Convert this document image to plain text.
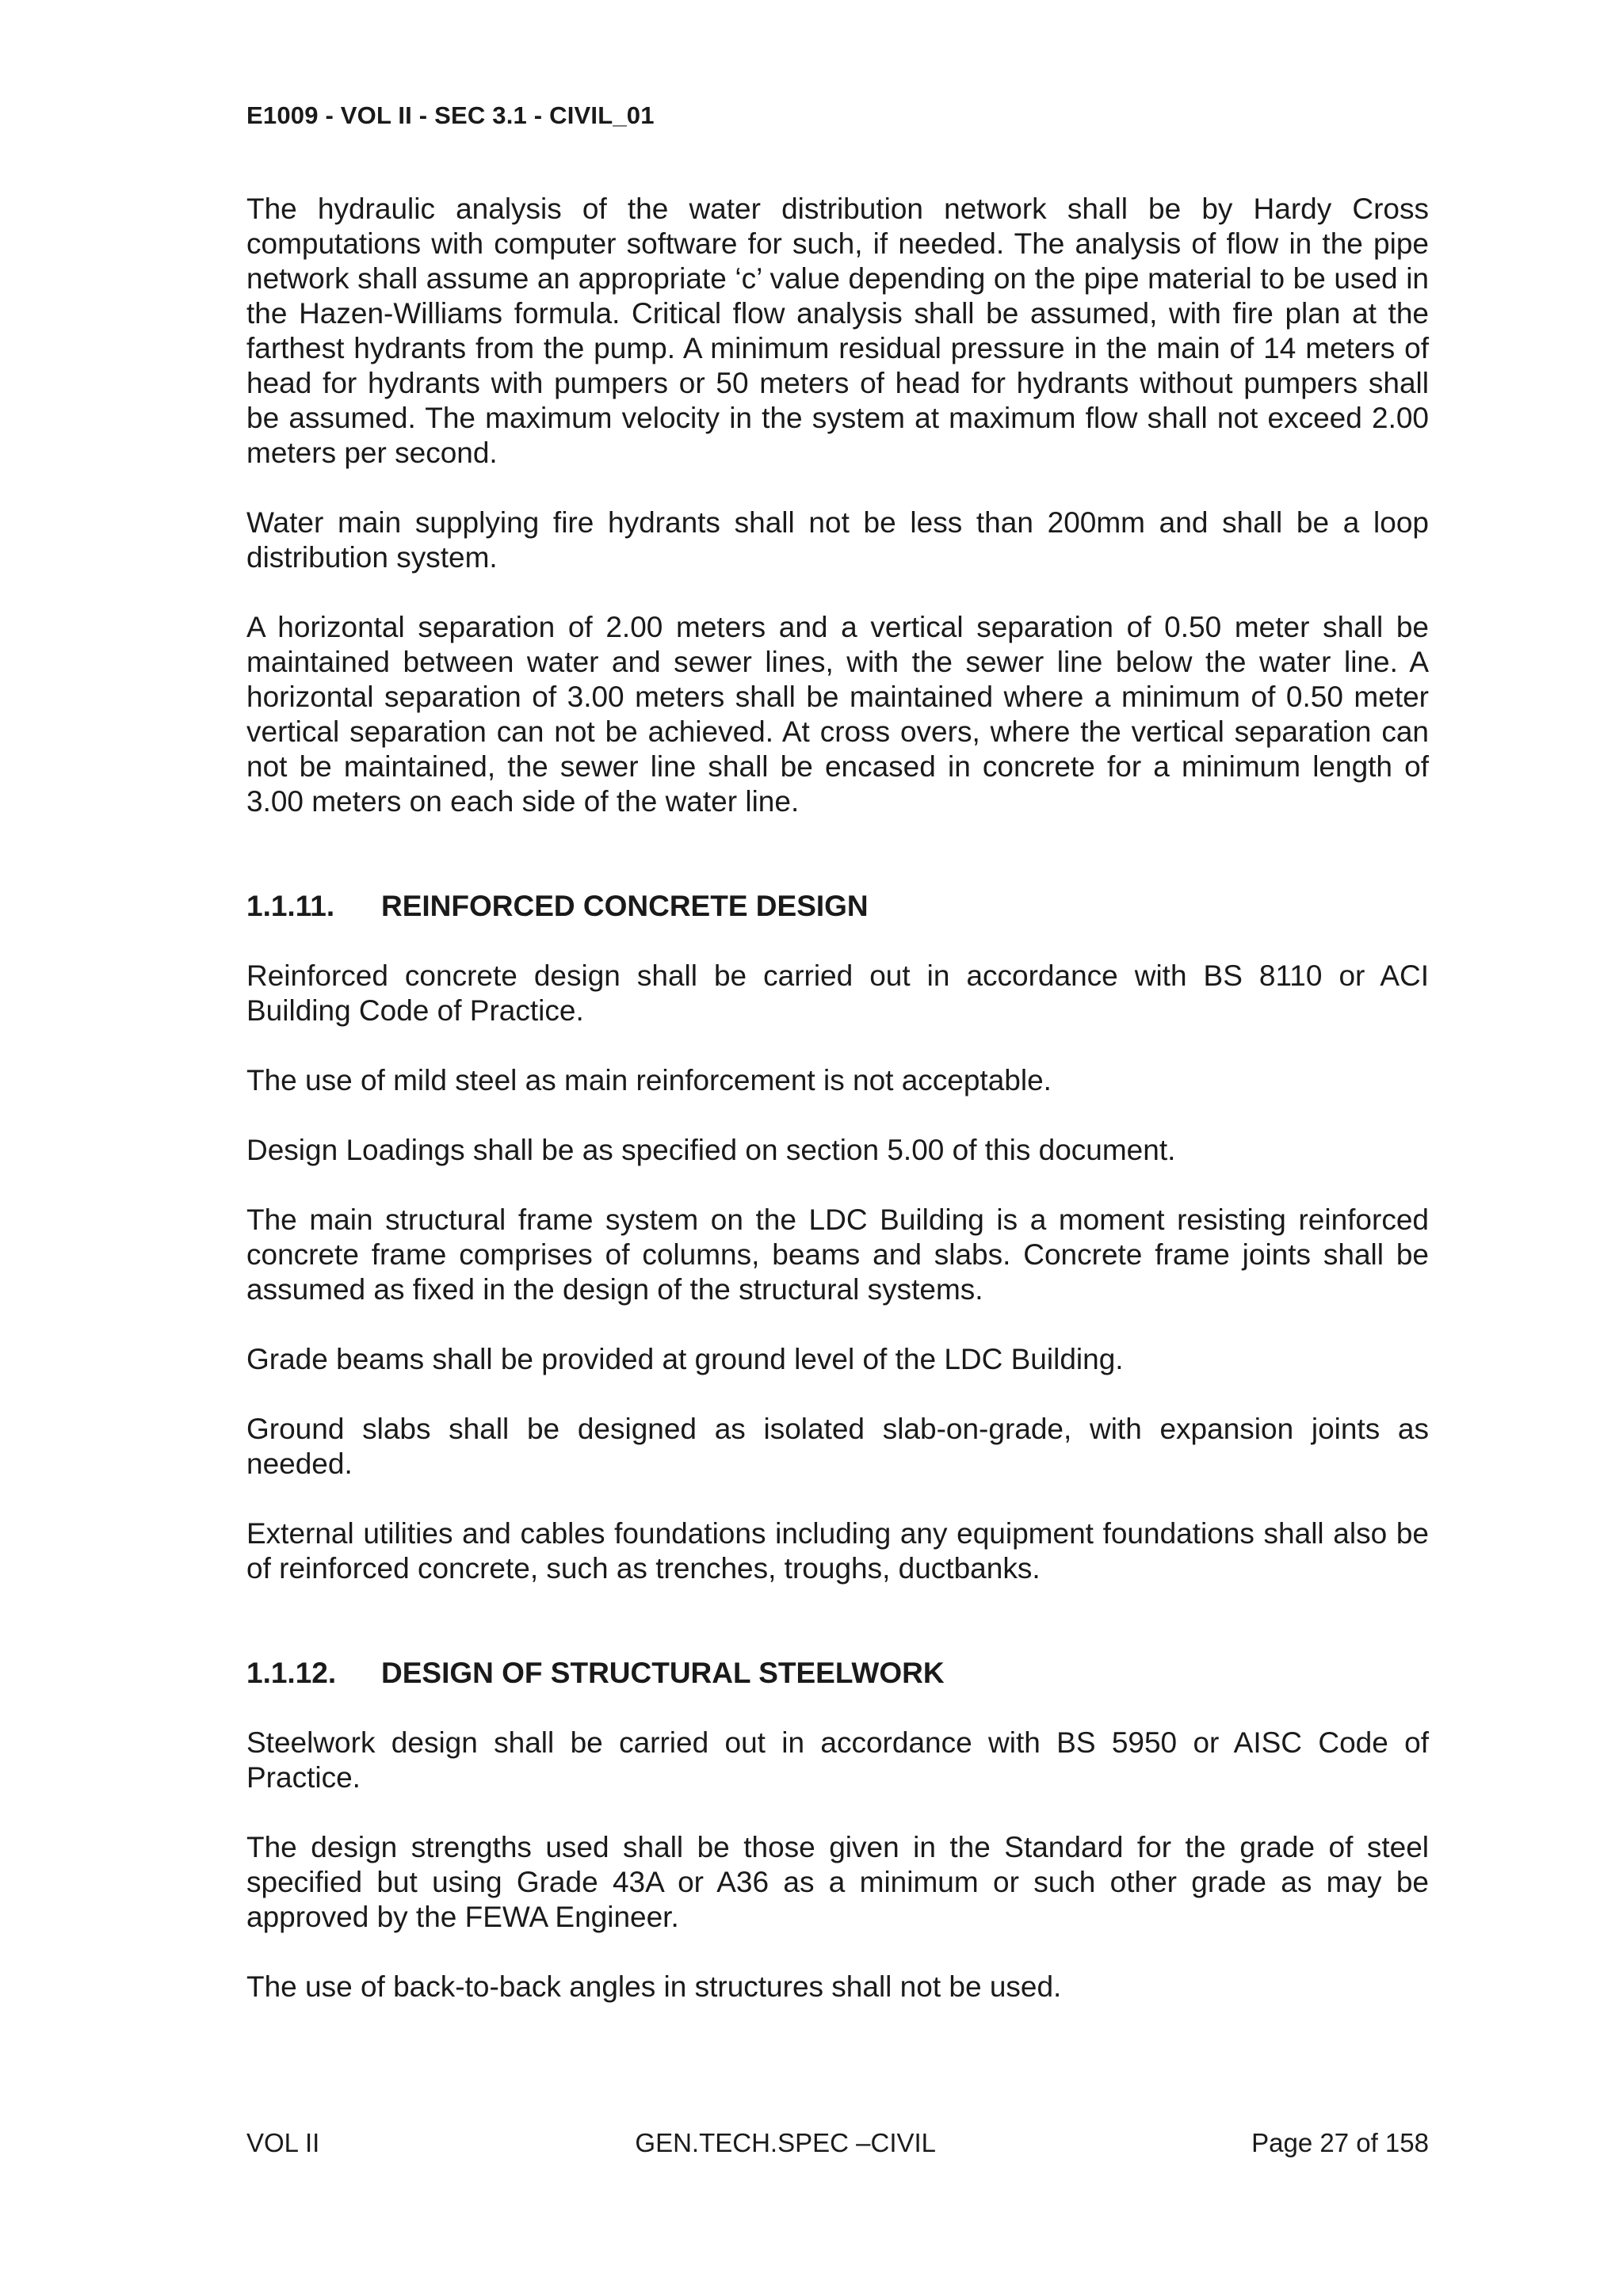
E1009 - VOL II - SEC 3.1 - CIVIL_01

The hydraulic analysis of the water distribution network shall be by Hardy Cross computations with computer software for such, if needed. The analysis of flow in the pipe network shall assume an appropriate ‘c’ value depending on the pipe material to be used in the Hazen-Williams formula. Critical flow analysis shall be assumed, with fire plan at the farthest hydrants from the pump. A minimum residual pressure in the main of 14 meters of head for hydrants with pumpers or 50 meters of head for hydrants without pumpers shall be assumed. The maximum velocity in the system at maximum flow shall not exceed 2.00 meters per second.

Water main supplying fire hydrants shall not be less than 200mm and shall be a loop distribution system.

A horizontal separation of 2.00 meters and a vertical separation of 0.50 meter shall be maintained between water and sewer lines, with the sewer line below the water line. A horizontal separation of 3.00 meters shall be maintained where a minimum of 0.50 meter vertical separation can not be achieved. At cross overs, where the vertical separation can not be maintained, the sewer line shall be encased in concrete for a minimum length of 3.00 meters on each side of the water line.

1.1.11.	REINFORCED CONCRETE DESIGN

Reinforced concrete design shall be carried out in accordance with BS 8110 or ACI Building Code of Practice.

The use of mild steel as main reinforcement is not acceptable.

Design Loadings shall be as specified on section 5.00 of this document.

The main structural frame system on the LDC Building is a moment resisting reinforced concrete frame comprises of columns, beams and slabs. Concrete frame joints shall be assumed as fixed in the design of the structural systems.

Grade beams shall be provided at ground level of the LDC Building.

Ground slabs shall be designed as isolated slab-on-grade, with expansion joints as needed.

External utilities and cables foundations including any equipment foundations shall also be of reinforced concrete, such as trenches, troughs, ductbanks.

1.1.12.	DESIGN OF STRUCTURAL STEELWORK

Steelwork design shall be carried out in accordance with BS 5950 or AISC Code of Practice.

The design strengths used shall be those given in the Standard for the grade of steel specified but using Grade 43A or A36 as a minimum or such other grade as may be approved by the FEWA Engineer.

The use of back-to-back angles in structures shall not be used.

VOL II	GEN.TECH.SPEC –CIVIL	Page 27 of 158
